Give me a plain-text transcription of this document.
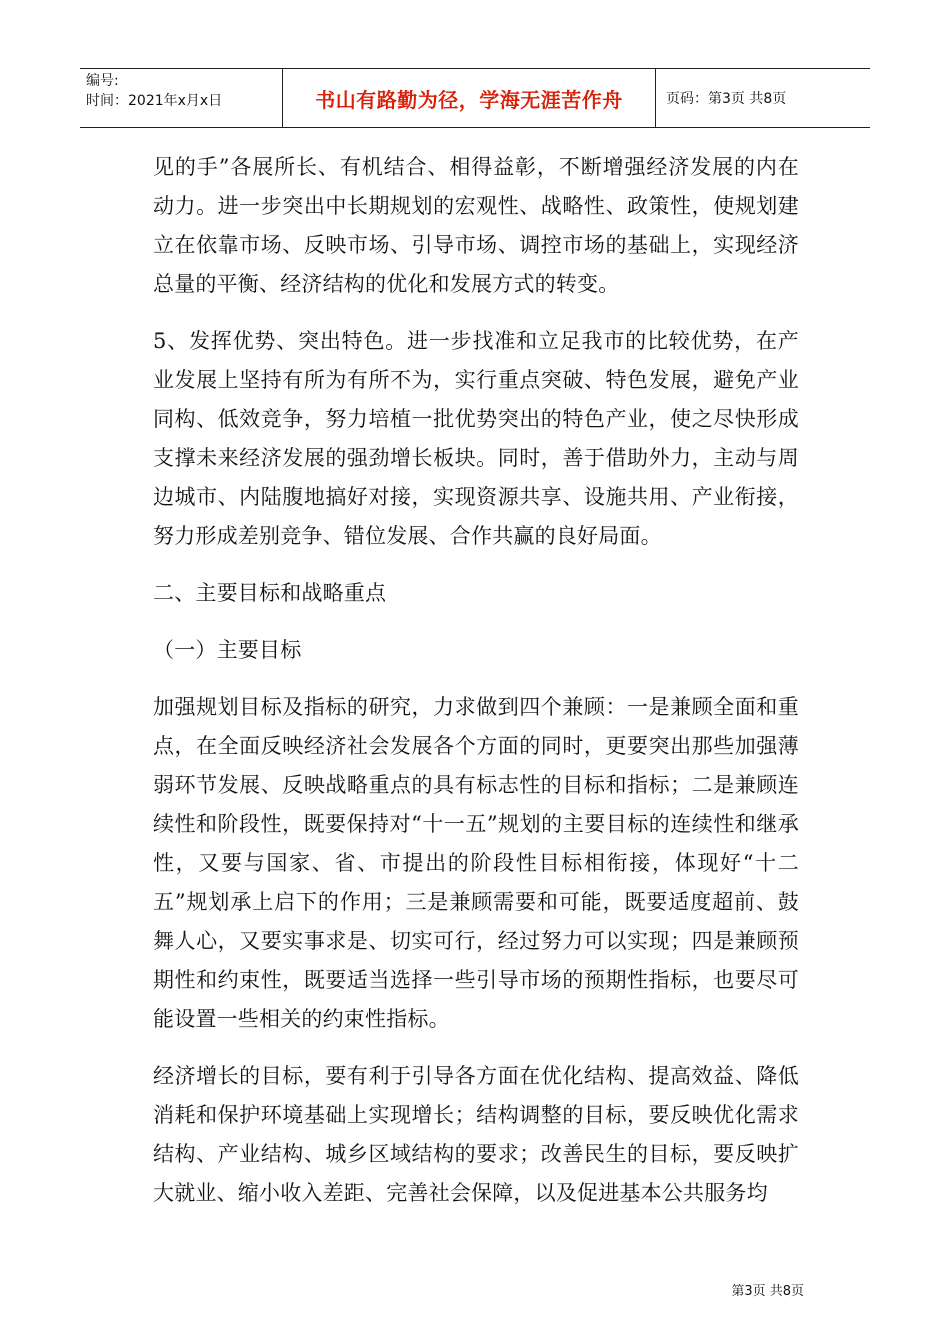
编号:
时间：2021年x月x日	书山有路勤为径，学海无涯苦作舟	页码：第3页 共8页

见的手”各展所长、有机结合、相得益彰，不断增强经济发展的内在动力。进一步突出中长期规划的宏观性、战略性、政策性，使规划建立在依靠市场、反映市场、引导市场、调控市场的基础上，实现经济总量的平衡、经济结构的优化和发展方式的转变。

5、发挥优势、突出特色。进一步找准和立足我市的比较优势，在产业发展上坚持有所为有所不为，实行重点突破、特色发展，避免产业同构、低效竞争，努力培植一批优势突出的特色产业，使之尽快形成支撑未来经济发展的强劲增长板块。同时，善于借助外力，主动与周边城市、内陆腹地搞好对接，实现资源共享、设施共用、产业衔接，努力形成差别竞争、错位发展、合作共赢的良好局面。

二、主要目标和战略重点

（一）主要目标

加强规划目标及指标的研究，力求做到四个兼顾：一是兼顾全面和重点，在全面反映经济社会发展各个方面的同时，更要突出那些加强薄弱环节发展、反映战略重点的具有标志性的目标和指标；二是兼顾连续性和阶段性，既要保持对“十一五”规划的主要目标的连续性和继承性，又要与国家、省、市提出的阶段性目标相衔接，体现好“十二五”规划承上启下的作用；三是兼顾需要和可能，既要适度超前、鼓舞人心，又要实事求是、切实可行，经过努力可以实现；四是兼顾预期性和约束性，既要适当选择一些引导市场的预期性指标，也要尽可能设置一些相关的约束性指标。

经济增长的目标，要有利于引导各方面在优化结构、提高效益、降低消耗和保护环境基础上实现增长；结构调整的目标，要反映优化需求结构、产业结构、城乡区域结构的要求；改善民生的目标，要反映扩大就业、缩小收入差距、完善社会保障，以及促进基本公共服务均

第3页 共8页
